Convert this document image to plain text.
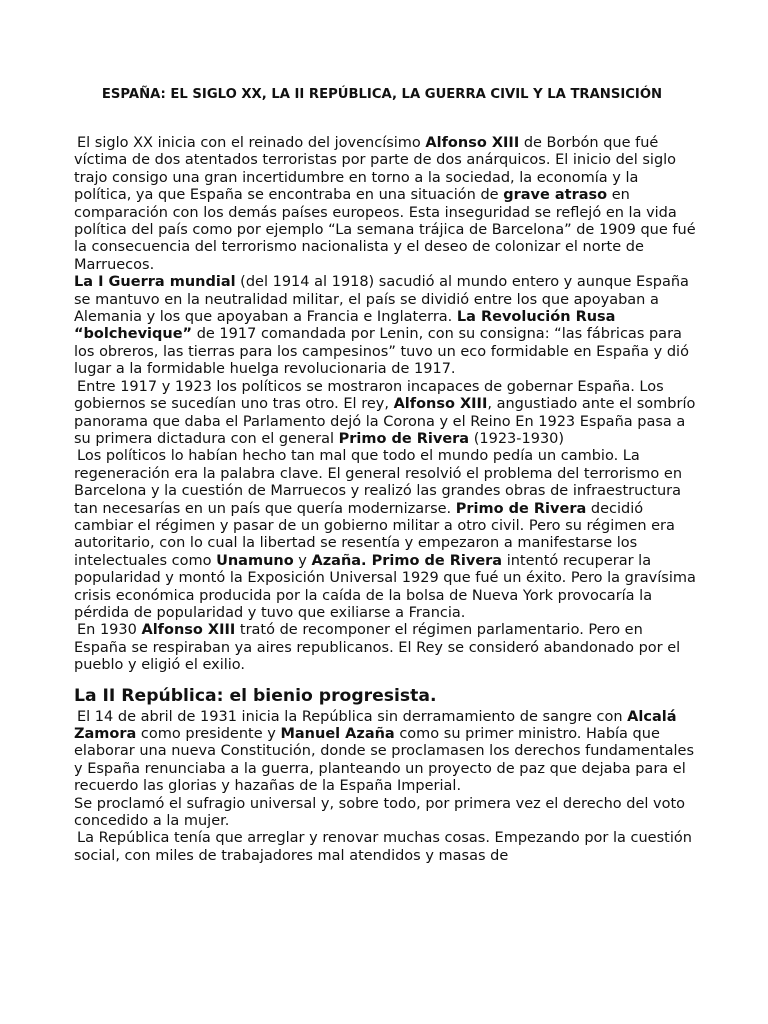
ESPAÑA: EL SIGLO XX, LA II REPÚBLICA, LA GUERRA CIVIL Y LA TRANSICIÓN

El siglo XX inicia con el reinado del jovencísimo Alfonso XIII de Borbón que fué víctima de dos atentados terroristas por parte de dos anárquicos. El inicio del siglo trajo consigo una gran incertidumbre en torno a la sociedad, la economía y la política, ya que España se encontraba en una situación de grave atraso en comparación con los demás países europeos. Esta inseguridad se reflejó en la vida política del país como por ejemplo “La semana trájica de Barcelona” de 1909 que fué la consecuencia del terrorismo nacionalista y el deseo de colonizar el norte de Marruecos.

La I Guerra mundial (del 1914 al 1918) sacudió al mundo entero y aunque España se mantuvo en la neutralidad militar, el país se dividió entre los que apoyaban a Alemania y los que apoyaban a Francia e Inglaterra. La Revolución Rusa “bolchevique” de 1917 comandada por Lenin, con su consigna: “las fábricas para los obreros, las tierras para los campesinos” tuvo un eco formidable en España y dió lugar a la formidable huelga revolucionaria de 1917.

Entre 1917 y 1923 los políticos se mostraron incapaces de gobernar España. Los gobiernos se sucedían uno tras otro. El rey, Alfonso XIII, angustiado ante el sombrío panorama que daba el Parlamento dejó la Corona y el Reino En 1923 España pasa a su primera dictadura con el general Primo de Rivera (1923-1930)

Los políticos lo habían hecho tan mal que todo el mundo pedía un cambio. La regeneración era la palabra clave. El general resolvió el problema del terrorismo en Barcelona y la cuestión de Marruecos y realizó las grandes obras de infraestructura tan necesarías en un país que quería modernizarse. Primo de Rivera decidió cambiar el régimen y pasar de un gobierno militar a otro civil. Pero su régimen era autoritario, con lo cual la libertad se resentía y empezaron a manifestarse los intelectuales como Unamuno y Azaña. Primo de Rivera intentó recuperar la popularidad y montó la Exposición Universal 1929 que fué un éxito. Pero la gravísima crisis económica producida por la caída de la bolsa de Nueva York provocaría la pérdida de popularidad y tuvo que exiliarse a Francia.

En 1930 Alfonso XIII trató de recomponer el régimen parlamentario. Pero en España se respiraban ya aires republicanos. El Rey se consideró abandonado por el pueblo y eligió el exilio.

La II República: el bienio progresista.

El 14 de abril de 1931 inicia la República sin derramamiento de sangre con Alcalá Zamora como presidente y Manuel Azaña como su primer ministro. Había que elaborar una nueva Constitución, donde se proclamasen los derechos fundamentales y España renunciaba a la guerra, planteando un proyecto de paz que dejaba para el recuerdo las glorias y hazañas de la España Imperial.

Se proclamó el sufragio universal y, sobre todo, por primera vez el derecho del voto concedido a la mujer.

La República tenía que arreglar y renovar muchas cosas. Empezando por la cuestión social, con miles de trabajadores mal atendidos y masas de
